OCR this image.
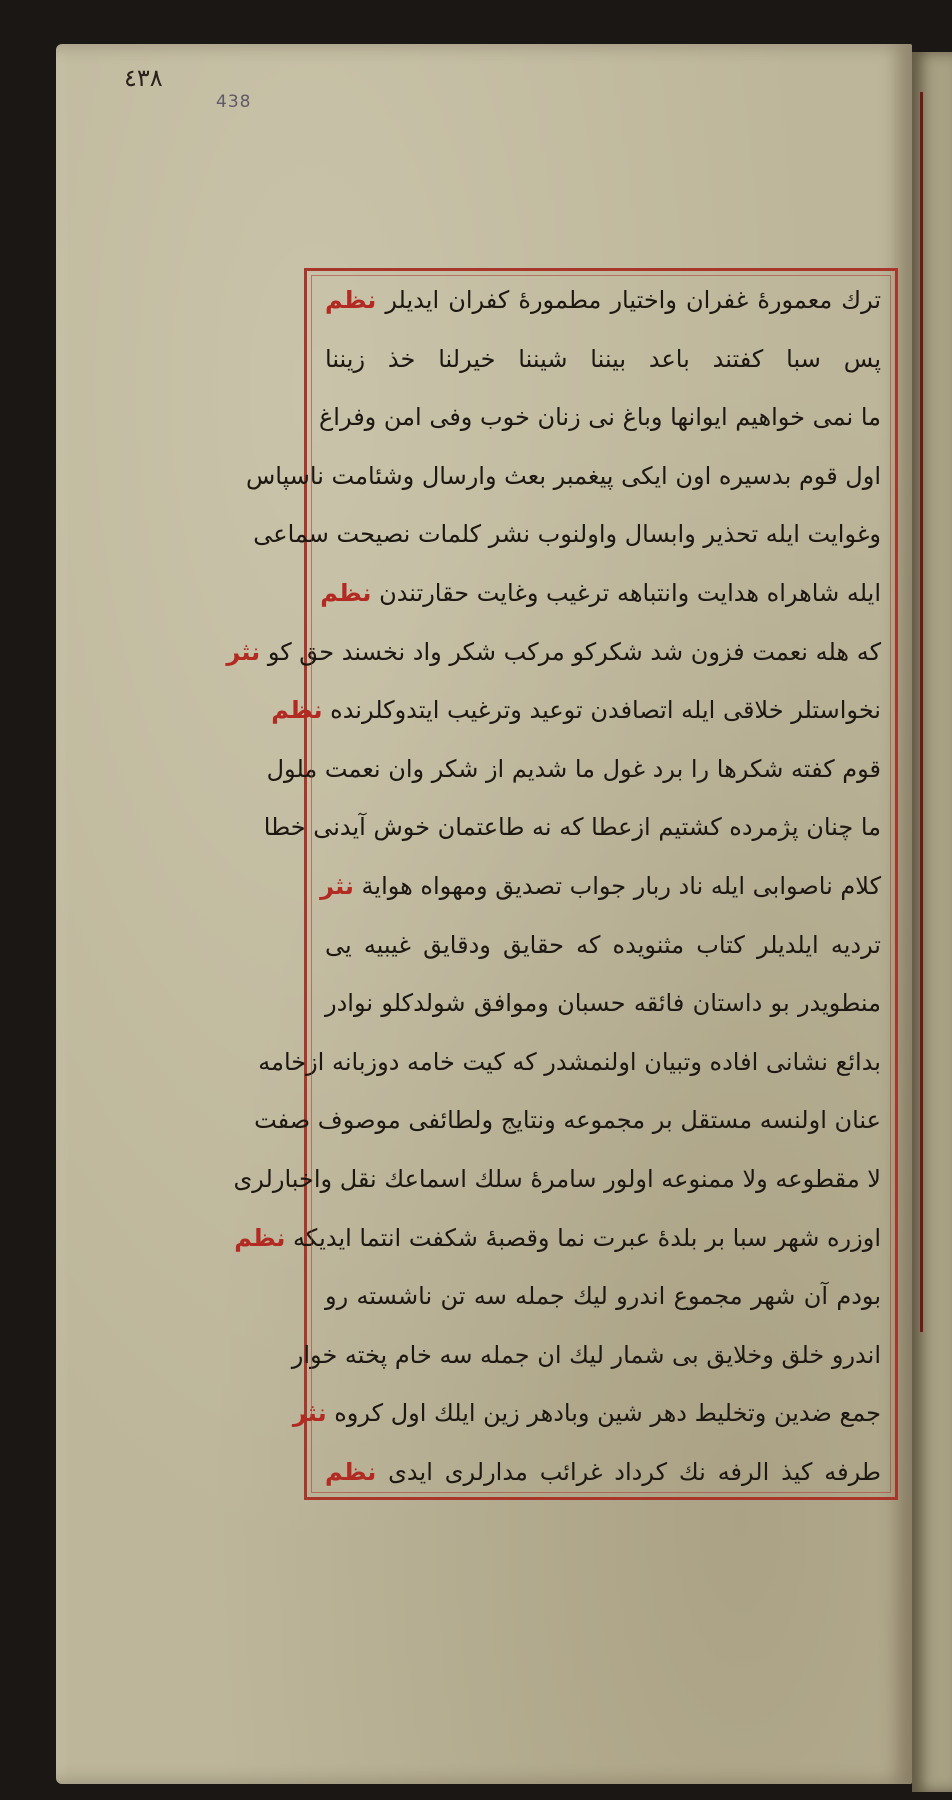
٤٣٨
438
ترك معمورهٔ غفران واختيار مطمورهٔ كفران ايديلر نظم
پس سبا كفتند باعد بيننا شيننا خيرلنا خذ زيننا
ما نمى خواهيم ايوانها وباغ نى زنان خوب وفى امن وفراغ
اول قوم بدسيره اون ايكى پيغمبر بعث وارسال وشئامت ناسپاس
وغوايت ايله تحذير وابسال واولنوب نشر كلمات نصيحت سماعى
ايله شاهراه هدايت وانتباهه ترغيب وغايت حقارتندن نظم
كه هله نعمت فزون شد شكركو مركب شكر واد نخسند حق كو نثر
نخواستلر خلاقى ايله اتصافدن توعيد وترغيب ايتدوكلرنده نظم
قوم كفته شكرها را برد غول ما شديم از شكر وان نعمت ملول
ما چنان پژمرده كشتيم ازعطا كه نه طاعتمان خوش آيدنى خطا
كلام ناصوابى ايله ناد ربار جواب تصديق ومهواه هواية نثر
ترديه ايلديلر كتاب مثنويده كه حقايق ودقايق غيبيه يى
منطويدر بو داستان فائقه حسبان وموافق شولدكلو نوادر
بدائع نشانى افاده وتبيان اولنمشدر كه كيت خامه دوزبانه ازخامه
عنان اولنسه مستقل بر مجموعه ونتايج ولطائفى موصوف صفت
لا مقطوعه ولا ممنوعه اولور سامرهٔ سلك اسماعك نقل واخبارلرى
اوزره شهر سبا بر بلدهٔ عبرت نما وقصبهٔ شكفت انتما ايديكه نظم
بودم آن شهر مجموع اندرو ليك جمله سه تن ناشسته رو
اندرو خلق وخلايق بى شمار ليك ان جمله سه خام پخته خوار
جمع ضدين وتخليط دهر شين وبادهر زين ايلك اول كروه نثر
طرفه كيذ الرفه نك كرداد غرائب مدارلرى ايدى نظم
